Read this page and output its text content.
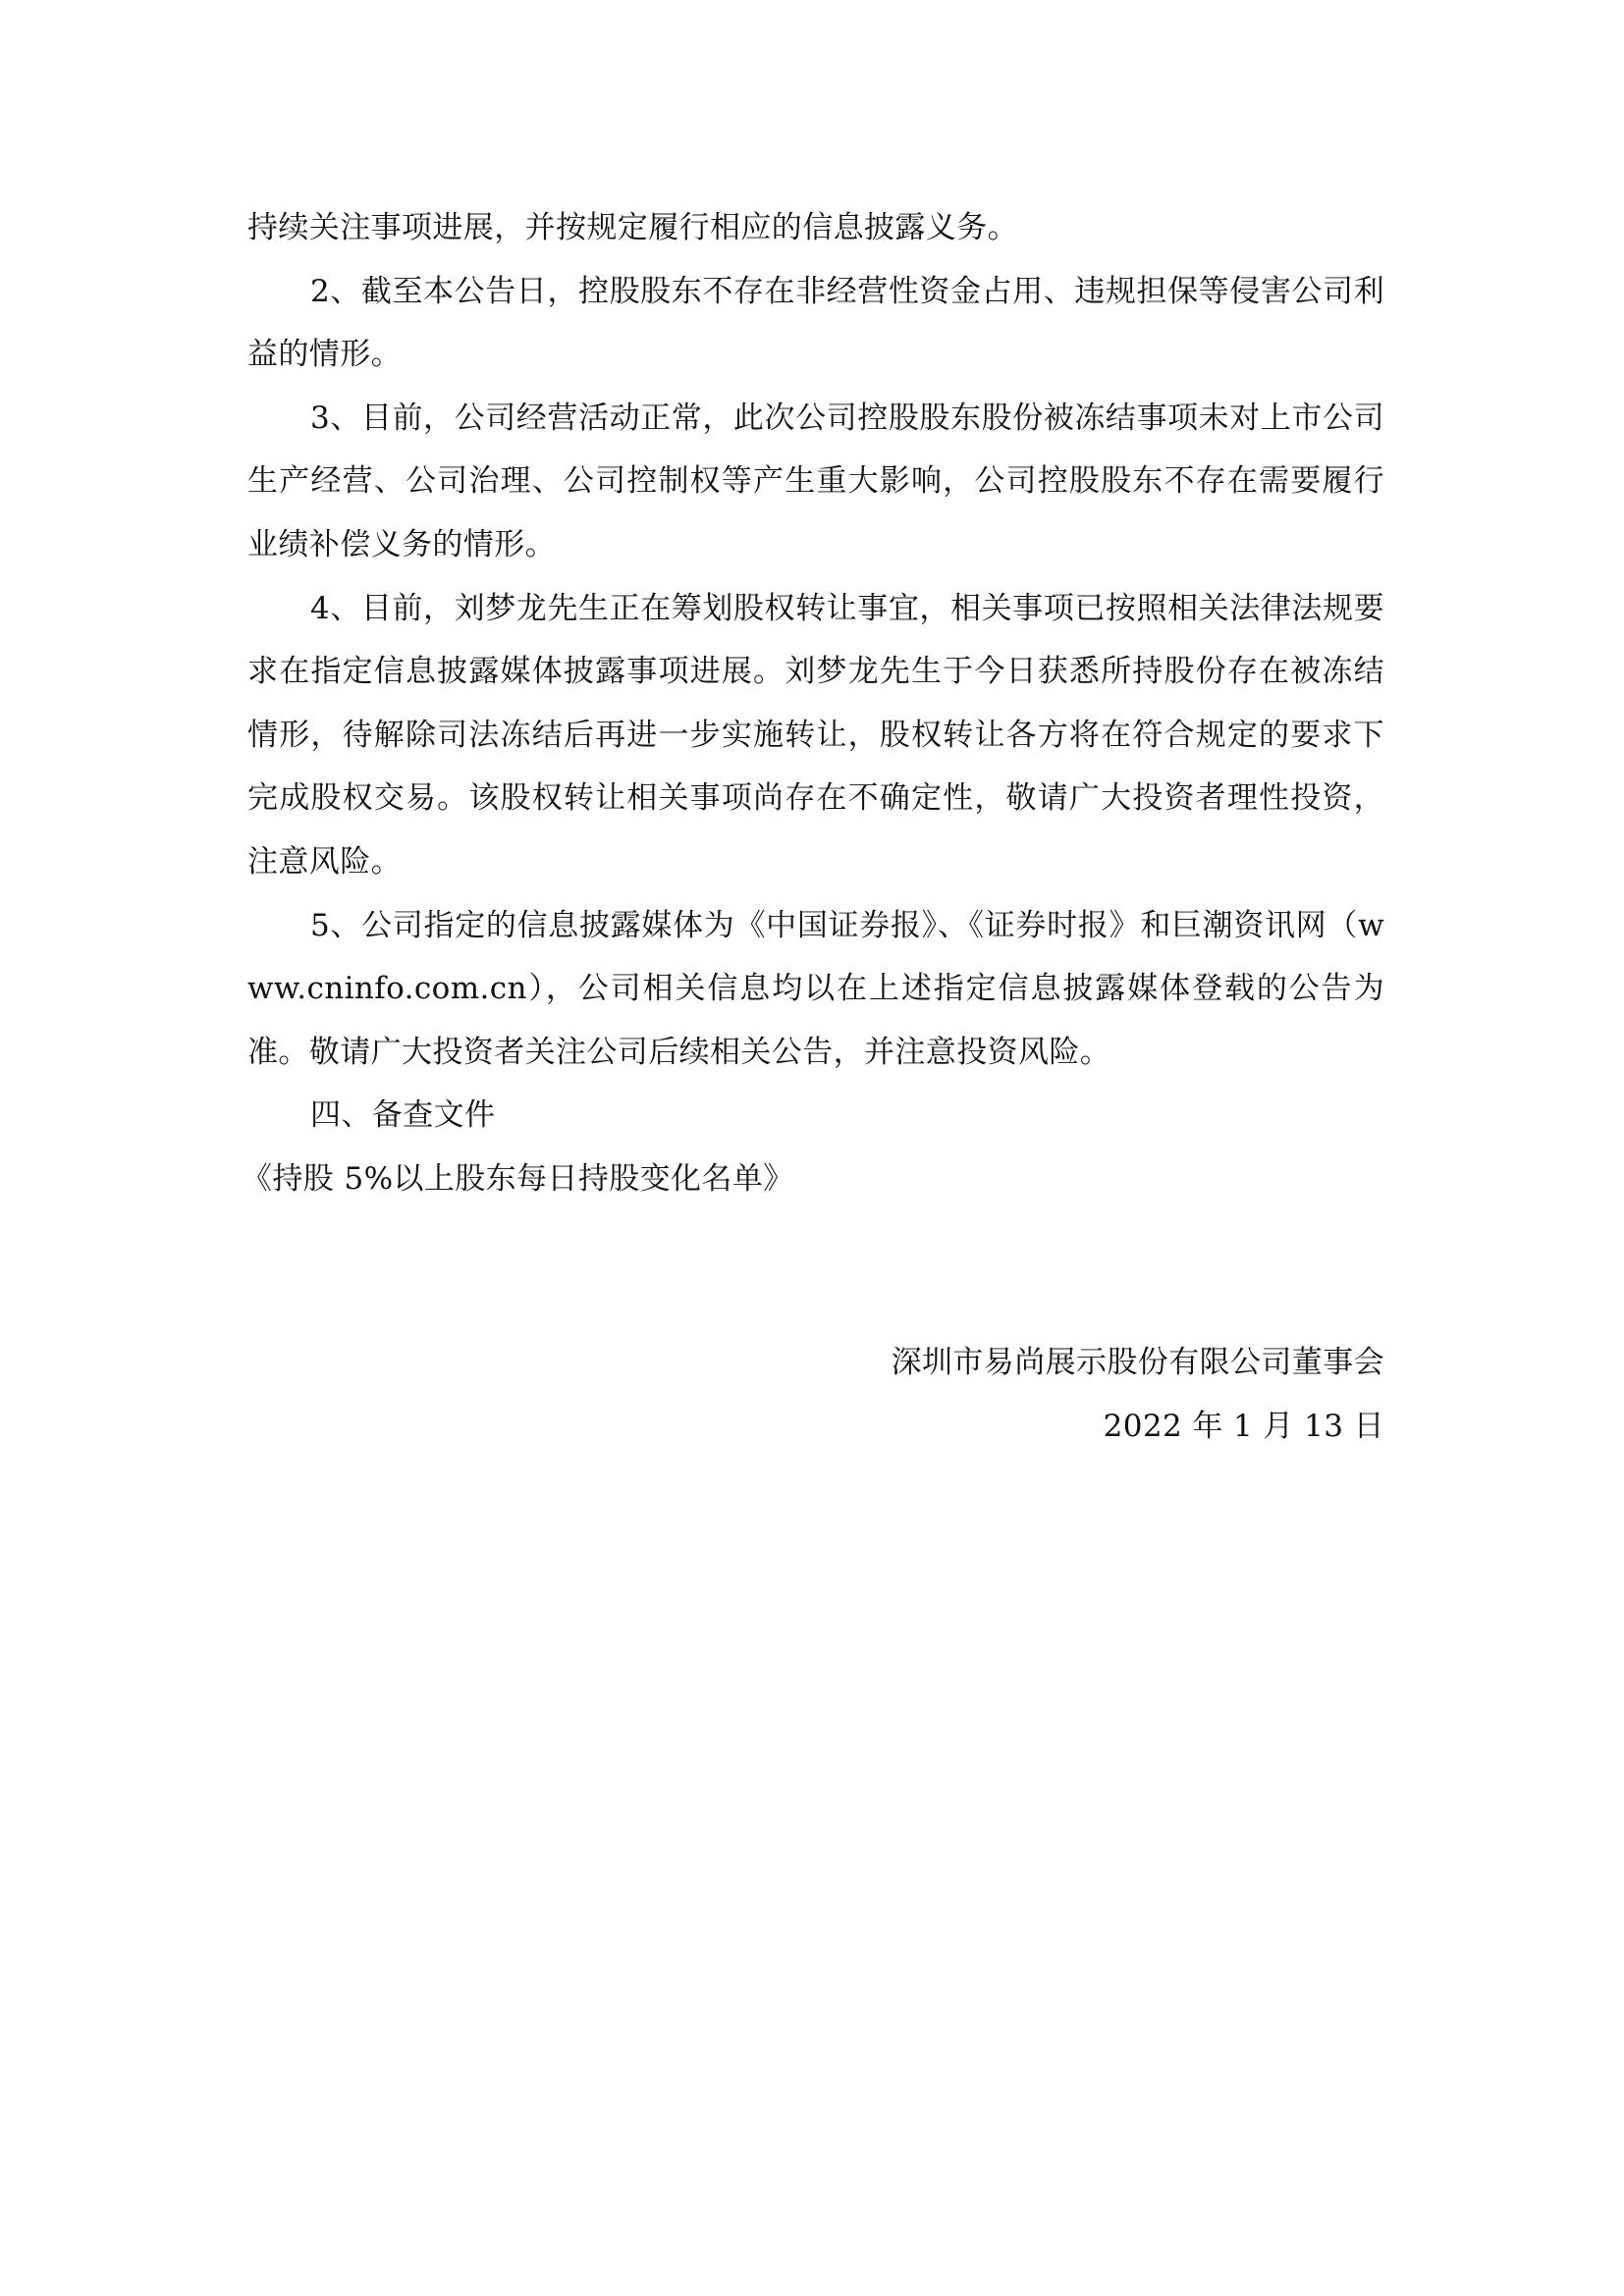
持续关注事项进展，并按规定履行相应的信息披露义务。

2、截至本公告日，控股股东不存在非经营性资金占用、违规担保等侵害公司利益的情形。

3、目前，公司经营活动正常，此次公司控股股东股份被冻结事项未对上市公司生产经营、公司治理、公司控制权等产生重大影响，公司控股股东不存在需要履行业绩补偿义务的情形。

4、目前，刘梦龙先生正在筹划股权转让事宜，相关事项已按照相关法律法规要求在指定信息披露媒体披露事项进展。刘梦龙先生于今日获悉所持股份存在被冻结情形，待解除司法冻结后再进一步实施转让，股权转让各方将在符合规定的要求下完成股权交易。该股权转让相关事项尚存在不确定性，敬请广大投资者理性投资，注意风险。

5、公司指定的信息披露媒体为《中国证券报》、《证券时报》和巨潮资讯网（www.cninfo.com.cn），公司相关信息均以在上述指定信息披露媒体登载的公告为准。敬请广大投资者关注公司后续相关公告，并注意投资风险。

四、备查文件

《持股 5%以上股东每日持股变化名单》

深圳市易尚展示股份有限公司董事会

2022 年 1 月 13 日
